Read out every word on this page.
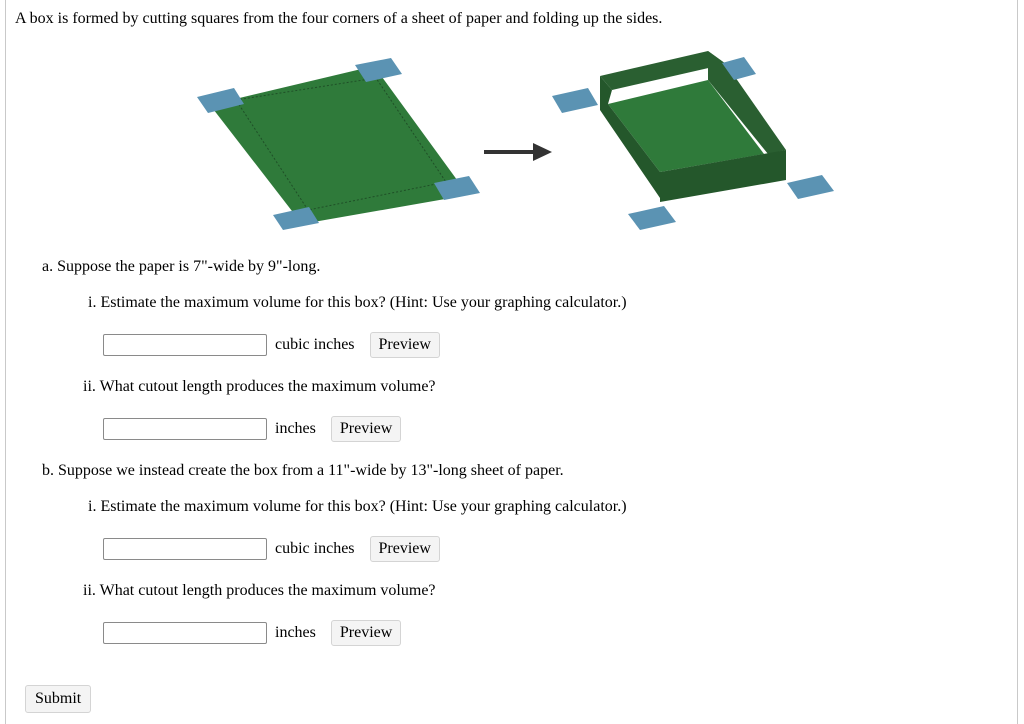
A box is formed by cutting squares from the four corners of a sheet of paper and folding up the sides.
a. Suppose the paper is 7"-wide by 9"-long.
i. Estimate the maximum volume for this box? (Hint: Use your graphing calculator.)
cubic inches	Preview
ii. What cutout length produces the maximum volume?
inches	Preview
b. Suppose we instead create the box from a 11"-wide by 13"-long sheet of paper.
i. Estimate the maximum volume for this box? (Hint: Use your graphing calculator.)
cubic inches	Preview
ii. What cutout length produces the maximum volume?
inches	Preview
Submit
